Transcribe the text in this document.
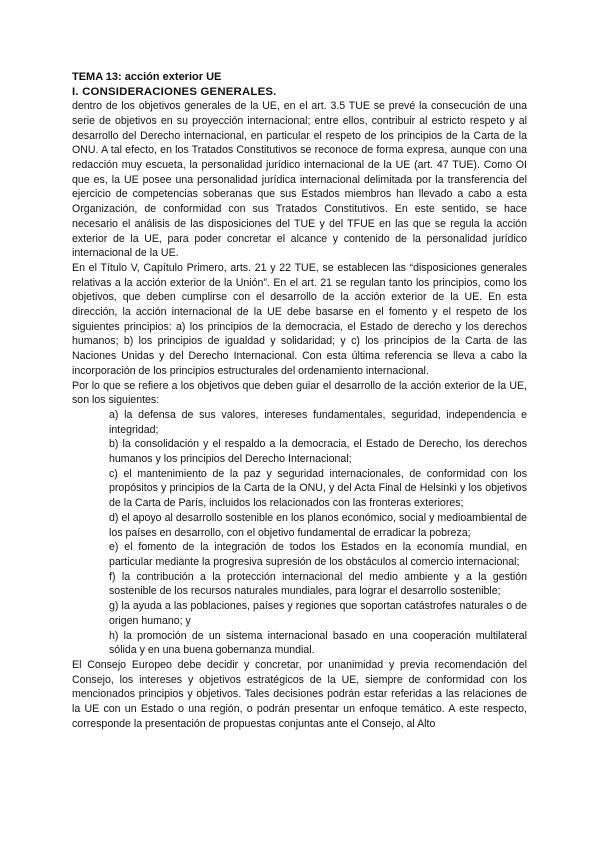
TEMA 13: acción exterior UE

I. CONSIDERACIONES GENERALES.

dentro de los objetivos generales de la UE, en el art. 3.5 TUE se prevé la consecución de una serie de objetivos en su proyección internacional; entre ellos, contribuir al estricto respeto y al desarrollo del Derecho internacional, en particular el respeto de los principios de la Carta de la ONU. A tal efecto, en los Tratados Constitutivos se reconoce de forma expresa, aunque con una redacción muy escueta, la personalidad jurídico internacional de la UE (art. 47 TUE). Como OI que es, la UE posee una personalidad jurídica internacional delimitada por la transferencia del ejercicio de competencias soberanas que sus Estados miembros han llevado a cabo a esta Organización, de conformidad con sus Tratados Constitutivos. En este sentido, se hace necesario el análisis de las disposiciones del TUE y del TFUE en las que se regula la acción exterior de la UE, para poder concretar el alcance y contenido de la personalidad jurídico internacional de la UE.

En el Título V, Capítulo Primero, arts. 21 y 22 TUE, se establecen las “disposiciones generales relativas a la acción exterior de la Unión”. En el art. 21 se regulan tanto los principios, como los objetivos, que deben cumplirse con el desarrollo de la acción exterior de la UE. En esta dirección, la acción internacional de la UE debe basarse en el fomento y el respeto de los siguientes principios: a) los principios de la democracia, el Estado de derecho y los derechos humanos; b) los principios de igualdad y solidaridad; y c) los principios de la Carta de las Naciones Unidas y del Derecho Internacional. Con esta última referencia se lleva a cabo la incorporación de los principios estructurales del ordenamiento internacional.

Por lo que se refiere a los objetivos que deben guiar el desarrollo de la acción exterior de la UE, son los siguientes:

a) la defensa de sus valores, intereses fundamentales, seguridad, independencia e integridad;
b) la consolidación y el respaldo a la democracia, el Estado de Derecho, los derechos humanos y los principios del Derecho Internacional;
c) el mantenimiento de la paz y seguridad internacionales, de conformidad con los propósitos y principios de la Carta de la ONU, y del Acta Final de Helsinki y los objetivos de la Carta de París, incluidos los relacionados con las fronteras exteriores;
d) el apoyo al desarrollo sostenible en los planos económico, social y medioambiental de los países en desarrollo, con el objetivo fundamental de erradicar la pobreza;
e) el fomento de la integración de todos los Estados en la economía mundial, en particular mediante la progresiva supresión de los obstáculos al comercio internacional;
f) la contribución a la protección internacional del medio ambiente y a la gestión sostenible de los recursos naturales mundiales, para lograr el desarrollo sostenible;
g) la ayuda a las poblaciones, países y regiones que soportan catástrofes naturales o de origen humano; y
h) la promoción de un sistema internacional basado en una cooperación multilateral sólida y en una buena gobernanza mundial.

El Consejo Europeo debe decidir y concretar, por unanimidad y previa recomendación del Consejo, los intereses y objetivos estratégicos de la UE, siempre de conformidad con los mencionados principios y objetivos. Tales decisiones podrán estar referidas a las relaciones de la UE con un Estado o una región, o podrán presentar un enfoque temático. A este respecto, corresponde la presentación de propuestas conjuntas ante el Consejo, al Alto
